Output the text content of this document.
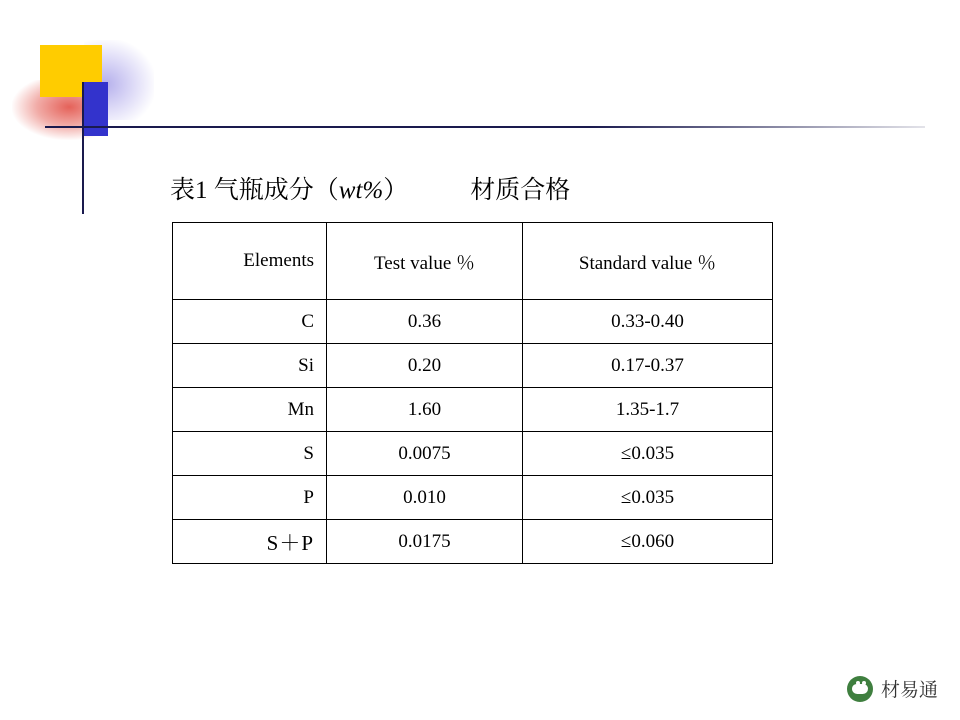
表1 气瓶成分（wt%） 材质合格
Elements	Test value ％	Standard value ％
C	0.36	0.33-0.40
Si	0.20	0.17-0.37
Mn	1.60	1.35-1.7
S	0.0075	≤0.035
P	0.010	≤0.035
S＋P	0.0175	≤0.060
材易通
